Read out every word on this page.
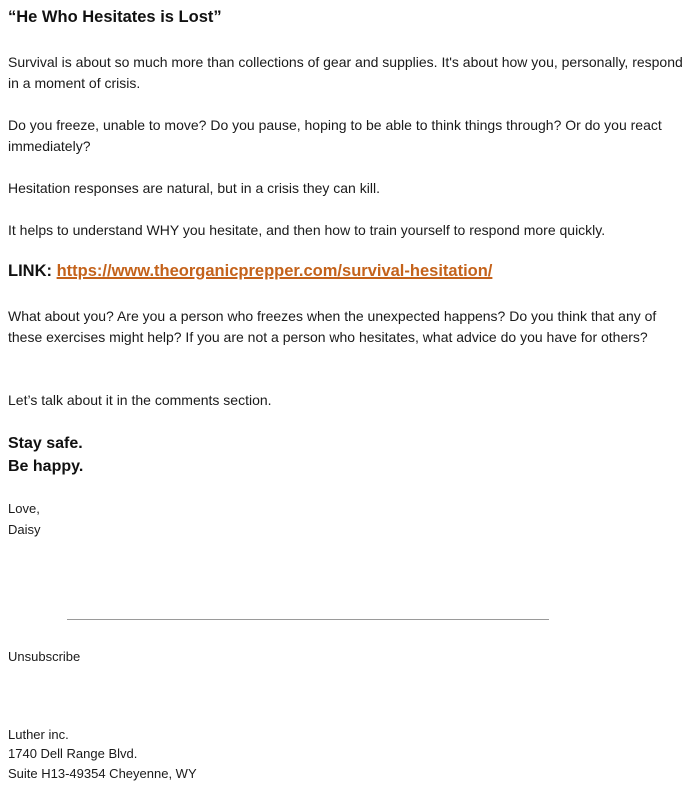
“He Who Hesitates is Lost”

Survival is about so much more than collections of gear and supplies. It's about how you, personally, respond in a moment of crisis.

Do you freeze, unable to move? Do you pause, hoping to be able to think things through? Or do you react immediately?

Hesitation responses are natural, but in a crisis they can kill.

It helps to understand WHY you hesitate, and then how to train yourself to respond more quickly.

LINK: https://www.theorganicprepper.com/survival-hesitation/

What about you? Are you a person who freezes when the unexpected happens? Do you think that any of these exercises might help? If you are not a person who hesitates, what advice do you have for others?

Let’s talk about it in the comments section.

Stay safe.

Be happy.

Love,

Daisy

Unsubscribe

Luther inc.

1740 Dell Range Blvd.

Suite H13-49354 Cheyenne, WY
